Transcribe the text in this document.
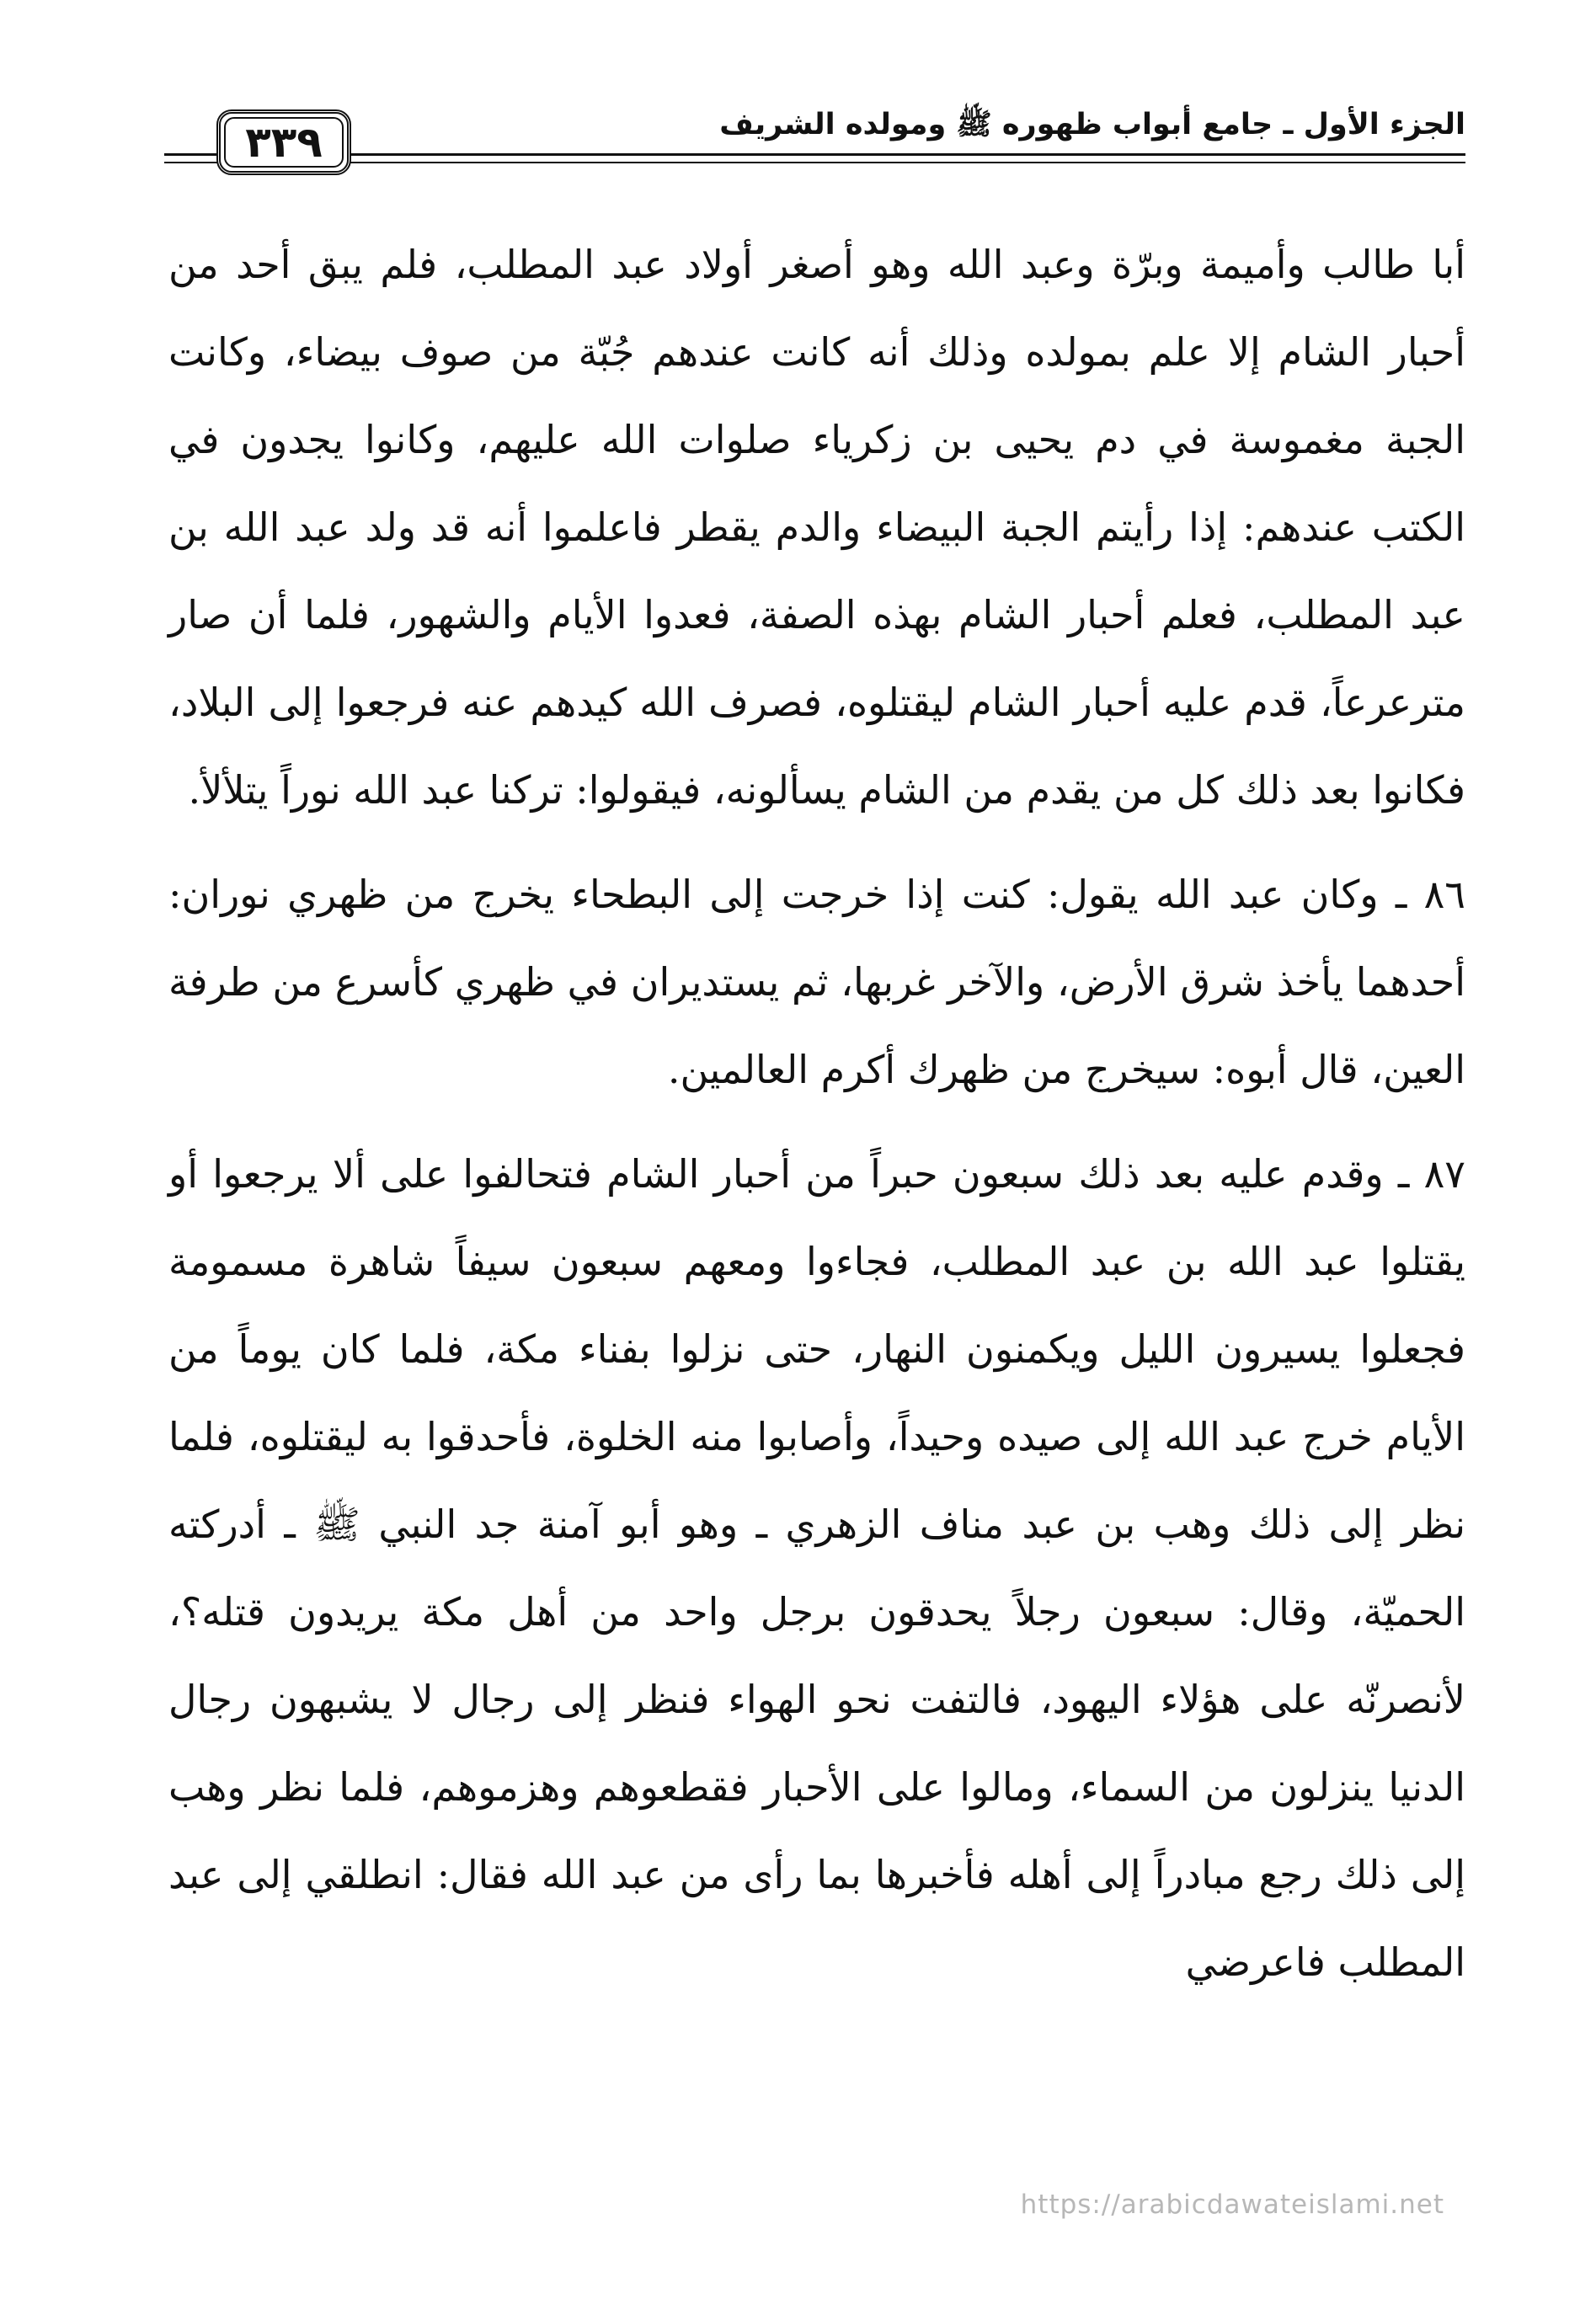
الجزء الأول ـ جامع أبواب ظهوره ﷺ ومولده الشريف
٣٣٩

أبا طالب وأميمة وبرّة وعبد الله وهو أصغر أولاد عبد المطلب، فلم يبق أحد من أحبار الشام إلا علم بمولده وذلك أنه كانت عندهم جُبّة من صوف بيضاء، وكانت الجبة مغموسة في دم يحيى بن زكرياء صلوات الله عليهم، وكانوا يجدون في الكتب عندهم: إذا رأيتم الجبة البيضاء والدم يقطر فاعلموا أنه قد ولد عبد الله بن عبد المطلب، فعلم أحبار الشام بهذه الصفة، فعدوا الأيام والشهور، فلما أن صار مترعرعاً، قدم عليه أحبار الشام ليقتلوه، فصرف الله كيدهم عنه فرجعوا إلى البلاد، فكانوا بعد ذلك كل من يقدم من الشام يسألونه، فيقولوا: تركنا عبد الله نوراً يتلألأ.

٨٦ ـ وكان عبد الله يقول: كنت إذا خرجت إلى البطحاء يخرج من ظهري نوران: أحدهما يأخذ شرق الأرض، والآخر غربها، ثم يستديران في ظهري كأسرع من طرفة العين، قال أبوه: سيخرج من ظهرك أكرم العالمين.

٨٧ ـ وقدم عليه بعد ذلك سبعون حبراً من أحبار الشام فتحالفوا على ألا يرجعوا أو يقتلوا عبد الله بن عبد المطلب، فجاءوا ومعهم سبعون سيفاً شاهرة مسمومة فجعلوا يسيرون الليل ويكمنون النهار، حتى نزلوا بفناء مكة، فلما كان يوماً من الأيام خرج عبد الله إلى صيده وحيداً، وأصابوا منه الخلوة، فأحدقوا به ليقتلوه، فلما نظر إلى ذلك وهب بن عبد مناف الزهري ـ وهو أبو آمنة جد النبي ﷺ ـ أدركته الحميّة، وقال: سبعون رجلاً يحدقون برجل واحد من أهل مكة يريدون قتله؟، لأنصرنّه على هؤلاء اليهود، فالتفت نحو الهواء فنظر إلى رجال لا يشبهون رجال الدنيا ينزلون من السماء، ومالوا على الأحبار فقطعوهم وهزموهم، فلما نظر وهب إلى ذلك رجع مبادراً إلى أهله فأخبرها بما رأى من عبد الله فقال: انطلقي إلى عبد المطلب فاعرضي

https://arabicdawateislami.net
